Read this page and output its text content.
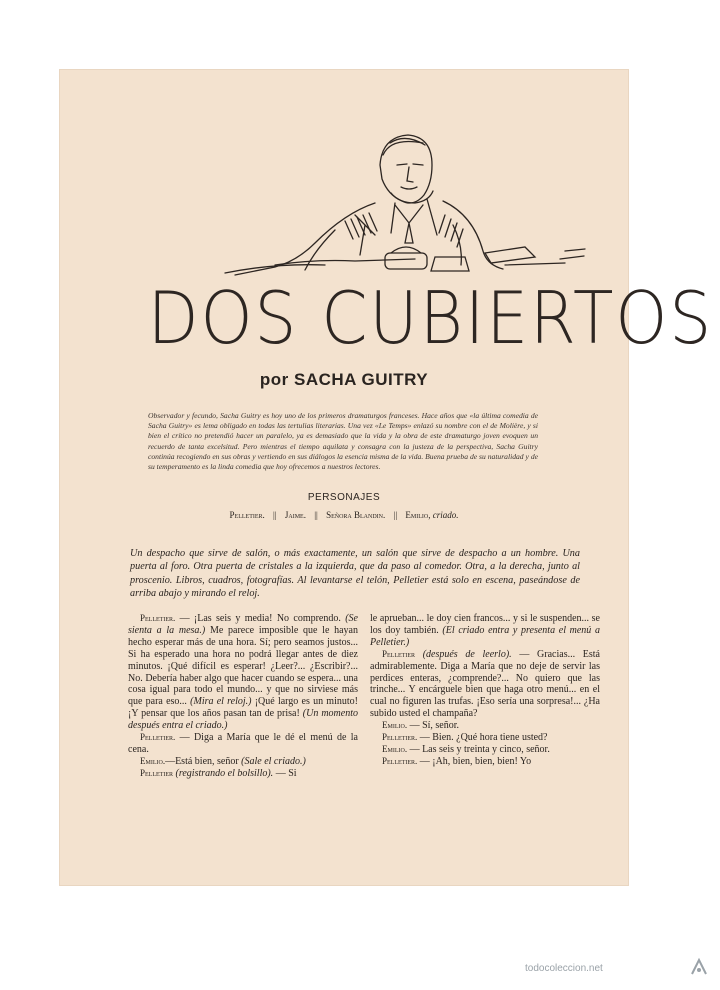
DOS CUBIERTOS
por SACHA GUITRY
Observador y fecundo, Sacha Guitry es hoy uno de los primeros dramaturgos franceses. Hace años que «la última comedia de Sacha Guitry» es lema obligado en todas las tertulias literarias. Una vez «Le Temps» enlazó su nombre con el de Molière, y si bien el crítico no pretendió hacer un paralelo, ya es demasiado que la vida y la obra de este dramaturgo joven evoquen un recuerdo de tanta excelsitud. Pero mientras el tiempo aquilata y consagra con la justeza de la perspectiva, Sacha Guitry continúa recogiendo en sus obras y vertiendo en sus diálogos la esencia misma de la vida. Buena prueba de su naturalidad y de su temperamento es la linda comedia que hoy ofrecemos a nuestros lectores.
PERSONAJES
Pelletier. || Jaime. || Señora Blandin. || Emilio, criado.
Un despacho que sirve de salón, o más exactamente, un salón que sirve de despacho a un hombre. Una puerta al foro. Otra puerta de cristales a la izquierda, que da paso al comedor. Otra, a la derecha, junto al proscenio. Libros, cuadros, fotografías. Al levantarse el telón, Pelletier está solo en escena, paseándose de arriba abajo y mirando el reloj.

Pelletier. — ¡Las seis y media! No comprendo. (Se sienta a la mesa.) Me parece imposible que le hayan hecho esperar más de una hora. Sí; pero seamos justos... Si ha esperado una hora no podrá llegar antes de diez minutos. ¡Qué difícil es esperar! ¿Leer?... ¿Escribir?... No. Debería haber algo que hacer cuando se espera... una cosa igual para todo el mundo... y que no sirviese más que para eso... (Mira el reloj.) ¡Qué largo es un minuto! ¡Y pensar que los años pasan tan de prisa! (Un momento después entra el criado.)

Pelletier. — Diga a María que le dé el menú de la cena.

Emilio.—Está bien, señor (Sale el criado.)

Pelletier (registrando el bolsillo). — Si

le aprueban... le doy cien francos... y si le suspenden... se los doy también. (El criado entra y presenta el menú a Pelletier.)

Pelletier (después de leerlo). — Gracias... Está admirablemente. Diga a María que no deje de servir las perdices enteras, ¿comprende?... No quiero que las trinche... Y encárguele bien que haga otro menú... en el cual no figuren las trufas. ¡Eso sería una sorpresa!... ¿Ha subido usted el champaña?

Emilio. — Sí, señor.

Pelletier. — Bien. ¿Qué hora tiene usted?

Emilio. — Las seis y treinta y cinco, señor.

Pelletier. — ¡Ah, bien, bien, bien! Yo

todocoleccion.net
